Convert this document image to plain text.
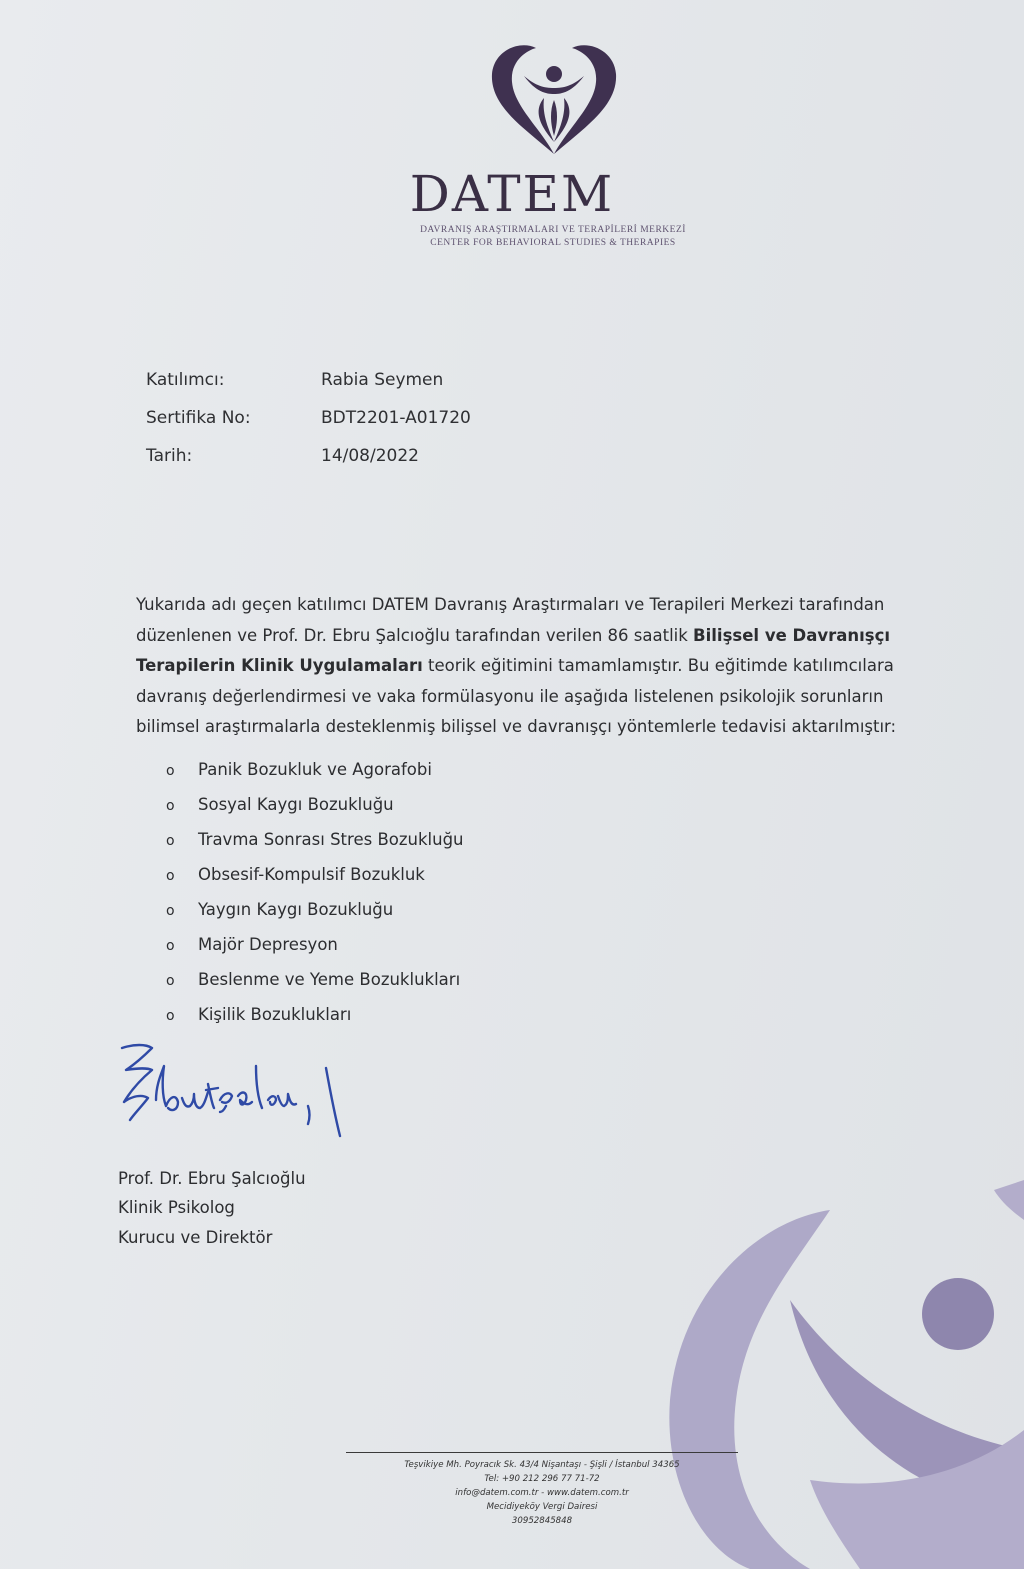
DATEM
DAVRANIŞ ARAŞTIRMALARI VE TERAPİLERİ MERKEZİ
CENTER FOR BEHAVIORAL STUDIES & THERAPIES
Katılımcı:	Rabia Seymen
Sertifika No:	BDT2201-A01720
Tarih:	14/08/2022
Yukarıda adı geçen katılımcı DATEM Davranış Araştırmaları ve Terapileri Merkezi tarafından düzenlenen ve Prof. Dr. Ebru Şalcıoğlu tarafından verilen 86 saatlik Bilişsel ve Davranışçı Terapilerin Klinik Uygulamaları teorik eğitimini tamamlamıştır. Bu eğitimde katılımcılara davranış değerlendirmesi ve vaka formülasyonu ile aşağıda listelenen psikolojik sorunların bilimsel araştırmalarla desteklenmiş bilişsel ve davranışçı yöntemlerle tedavisi aktarılmıştır:
o Panik Bozukluk ve Agorafobi
o Sosyal Kaygı Bozukluğu
o Travma Sonrası Stres Bozukluğu
o Obsesif-Kompulsif Bozukluk
o Yaygın Kaygı Bozukluğu
o Majör Depresyon
o Beslenme ve Yeme Bozuklukları
o Kişilik Bozuklukları
Prof. Dr. Ebru Şalcıoğlu
Klinik Psikolog
Kurucu ve Direktör
Teşvikiye Mh. Poyracık Sk. 43/4 Nişantaşı - Şişli / İstanbul 34365
Tel: +90 212 296 77 71-72
info@datem.com.tr - www.datem.com.tr
Mecidiyeköy Vergi Dairesi
30952845848
